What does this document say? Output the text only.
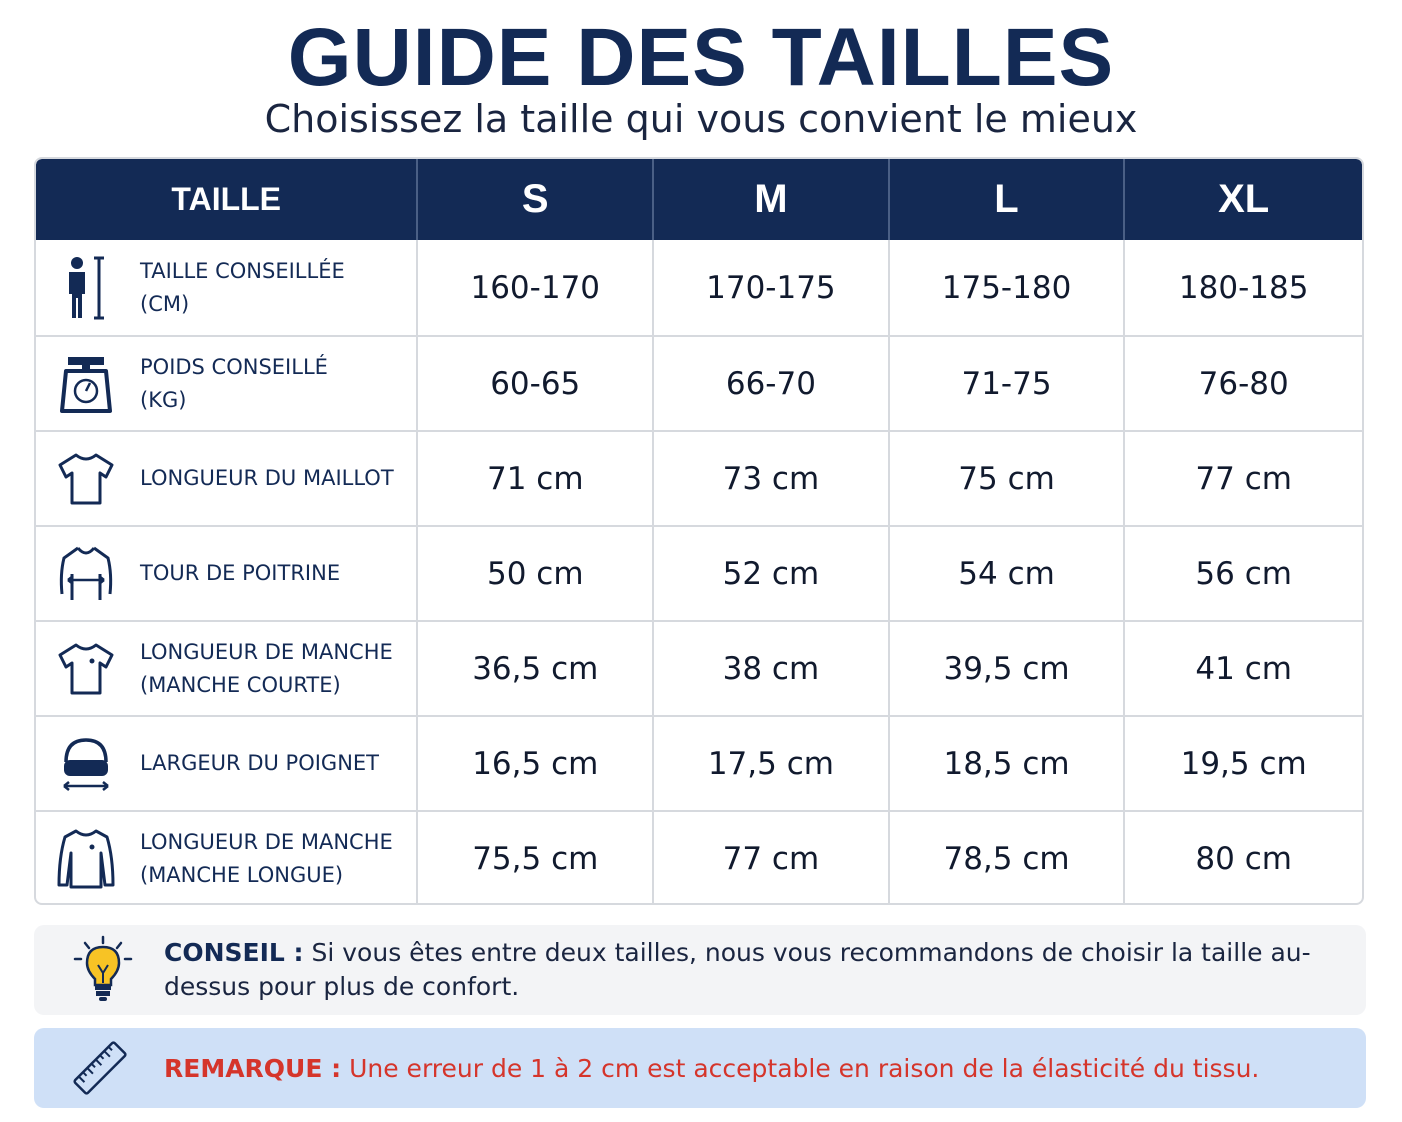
GUIDE DES TAILLES
Choisissez la taille qui vous convient le mieux
TAILLE	S	M	L	XL
TAILLE CONSEILLÉE
(CM)	160-170	170-175	175-180	180-185
POIDS CONSEILLÉ
(KG)	60-65	66-70	71-75	76-80
LONGUEUR DU MAILLOT	71 cm	73 cm	75 cm	77 cm
TOUR DE POITRINE	50 cm	52 cm	54 cm	56 cm
LONGUEUR DE MANCHE
(MANCHE COURTE)	36,5 cm	38 cm	39,5 cm	41 cm
LARGEUR DU POIGNET	16,5 cm	17,5 cm	18,5 cm	19,5 cm
LONGUEUR DE MANCHE
(MANCHE LONGUE)	75,5 cm	77 cm	78,5 cm	80 cm
CONSEIL : Si vous êtes entre deux tailles, nous vous recommandons de choisir la taille au-dessus pour plus de confort.
REMARQUE : Une erreur de 1 à 2 cm est acceptable en raison de la élasticité du tissu.
